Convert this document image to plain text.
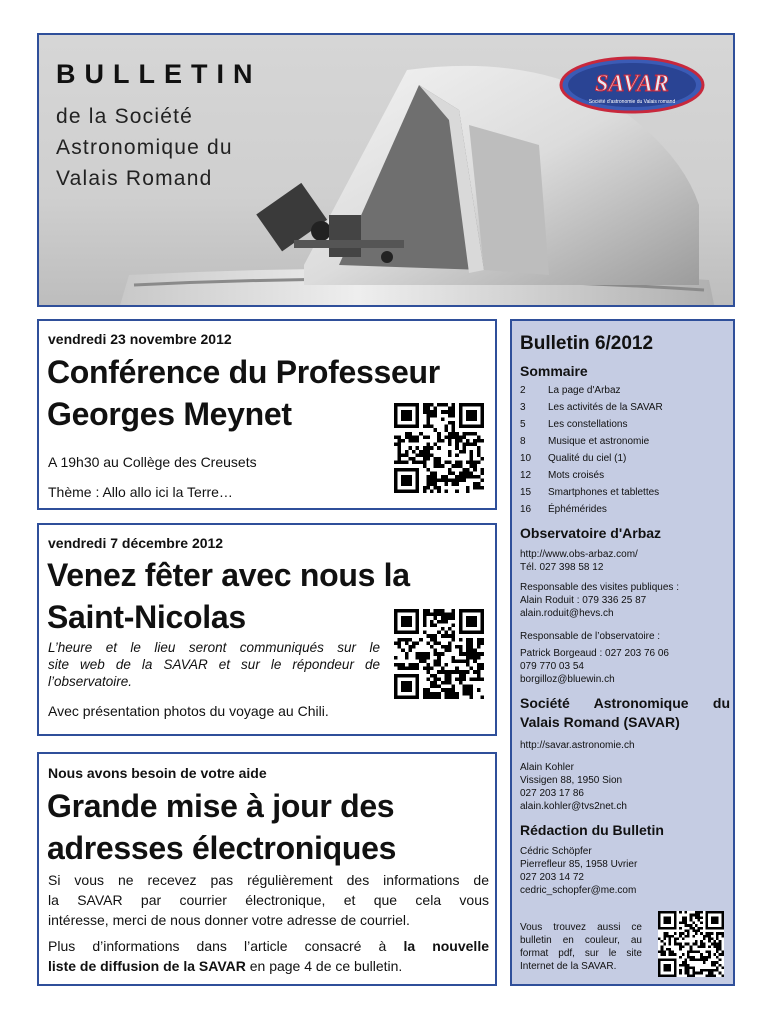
BULLETIN
de la Société
Astronomique du
Valais Romand
SAVAR
Société d'astronomie du Valais romand
vendredi 23 novembre 2012
Conférence du Professeur
Georges Meynet
A 19h30 au Collège des Creusets
Thème : Allo allo ici la Terre…
vendredi 7 décembre 2012
Venez fêter avec nous la
Saint-Nicolas
L’heure et le lieu seront communiqués sur le
site web de la SAVAR et sur le répondeur de
l’observatoire.
Avec présentation photos du voyage au Chili.
Nous avons besoin de votre aide
Grande mise à jour des
adresses électroniques
Si vous ne recevez pas régulièrement des informations de
la SAVAR par courrier électronique, et que cela vous
intéresse, merci de nous donner votre adresse de courriel.
Plus d’informations dans l’article consacré à la nouvelle
liste de diffusion de la SAVAR en page 4 de ce bulletin.
Bulletin 6/2012
Sommaire
2 La page d'Arbaz
3 Les activités de la SAVAR
5 Les constellations
8 Musique et astronomie
10 Qualité du ciel (1)
12 Mots croisés
15 Smartphones et tablettes
16 Éphémérides
Observatoire d'Arbaz
http://www.obs-arbaz.com/
Tél. 027 398 58 12
Responsable des visites publiques :
Alain Roduit : 079 336 25 87
alain.roduit@hevs.ch
Responsable de l’observatoire :
Patrick Borgeaud : 027 203 76 06
079 770 03 54
borgilloz@bluewin.ch
Société Astronomique du
Valais Romand (SAVAR)
http://savar.astronomie.ch
Alain Kohler
Vissigen 88, 1950 Sion
027 203 17 86
alain.kohler@tvs2net.ch
Rédaction du Bulletin
Cédric Schöpfer
Pierrefleur 85, 1958 Uvrier
027 203 14 72
cedric_schopfer@me.com
Vous trouvez aussi ce bulletin en couleur, au format pdf, sur le site Internet de la SAVAR.
